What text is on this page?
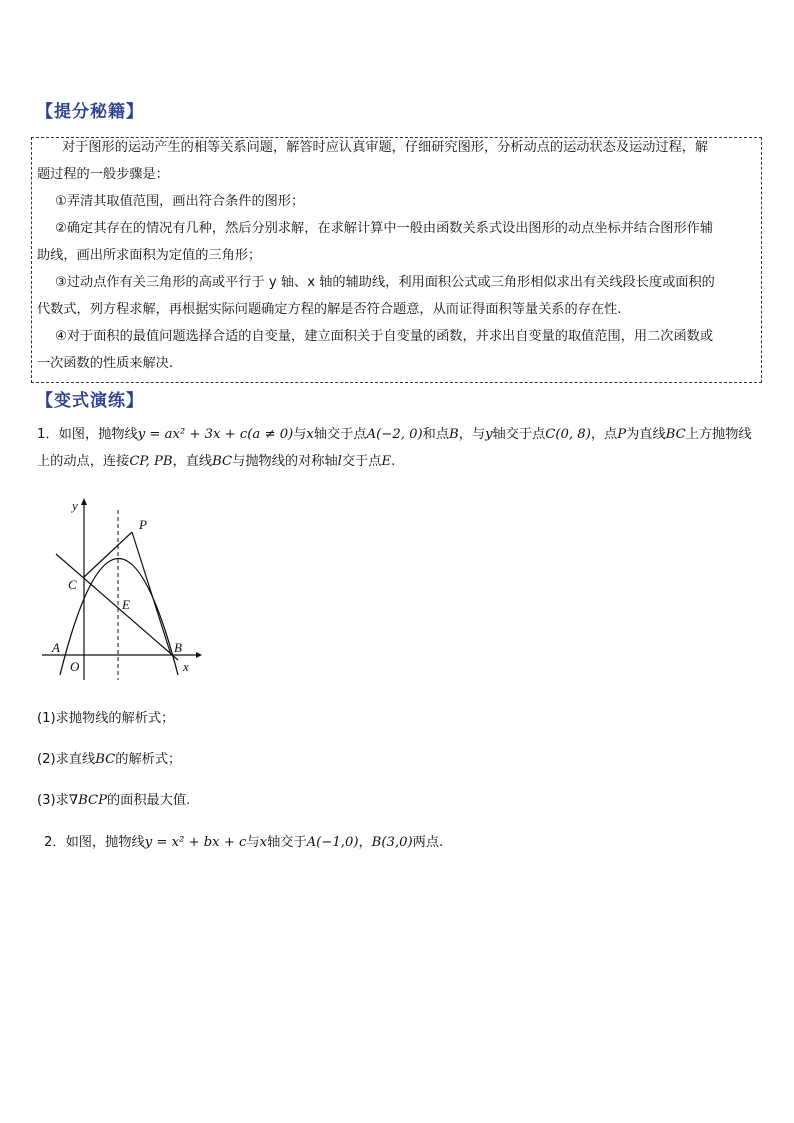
【提分秘籍】
对于图形的运动产生的相等关系问题，解答时应认真审题，仔细研究图形，分析动点的运动状态及运动过程，解
题过程的一般步骤是：
①弄清其取值范围，画出符合条件的图形；
②确定其存在的情况有几种，然后分别求解，在求解计算中一般由函数关系式设出图形的动点坐标并结合图形作辅
助线，画出所求面积为定值的三角形；
③过动点作有关三角形的高或平行于 y 轴、x 轴的辅助线，利用面积公式或三角形相似求出有关线段长度或面积的
代数式，列方程求解，再根据实际问题确定方程的解是否符合题意，从而证得面积等量关系的存在性.
④对于面积的最值问题选择合适的自变量，建立面积关于自变量的函数，并求出自变量的取值范围，用二次函数或
一次函数的性质来解决.
【变式演练】
1．如图，抛物线y = ax² + 3x + c(a ≠ 0)与x轴交于点A(−2, 0)和点B，与y轴交于点C(0, 8)，点P为直线BC上方抛物线
上的动点，连接CP, PB，直线BC与抛物线的对称轴l交于点E.
y
x
P
C
E
A	B
O
(1)求抛物线的解析式；
(2)求直线BC的解析式；
(3)求∇BCP的面积最大值.
2．如图，抛物线y = x² + bx + c与x轴交于A(−1,0)，B(3,0)两点.
